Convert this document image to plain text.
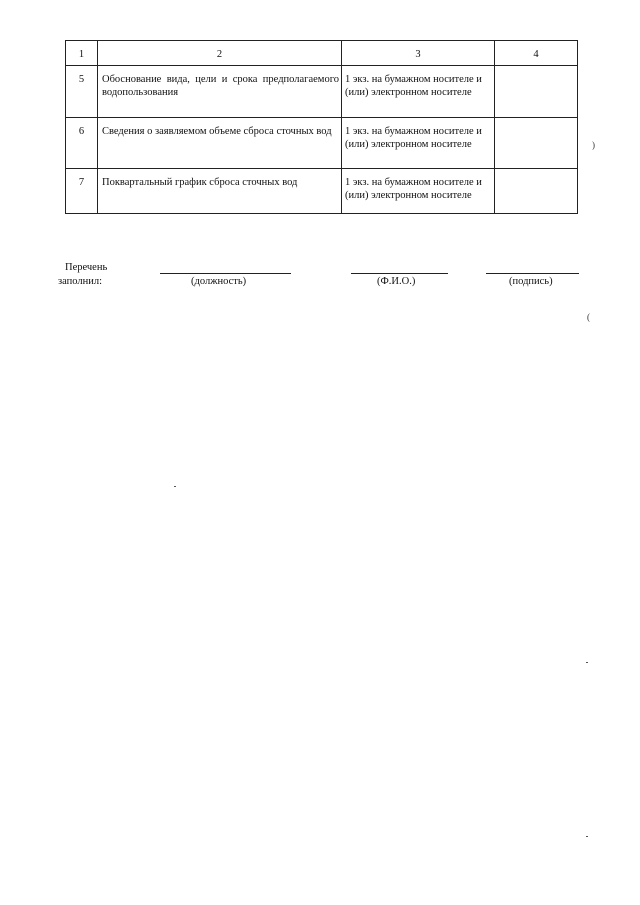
1	2	3	4

5	Обоснование вида, цели и срока предполагаемого водопользования	1 экз. на бумажном носителе и (или) электронном носителе	

6	Сведения о заявляемом объеме сброса сточных вод	1 экз. на бумажном носителе и (или) электронном носителе	

7	Поквартальный график сброса сточных вод	1 экз. на бумажном носителе и (или) электронном носителе	

Перечень
заполнил:	(должность)	(Ф.И.О.)	(подпись)
)
(
